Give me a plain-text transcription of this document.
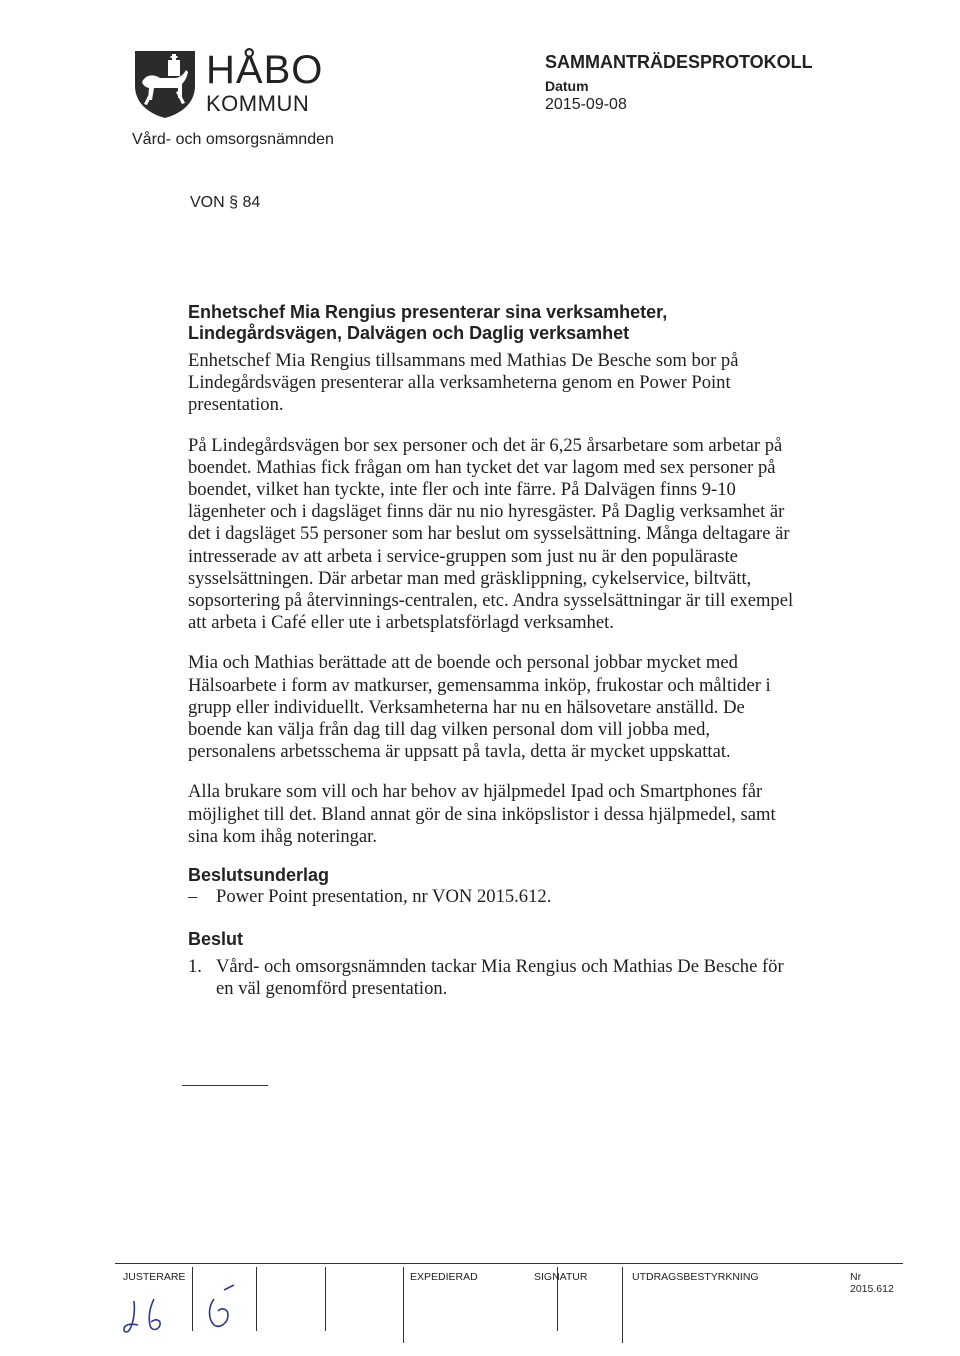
HÅBO
KOMMUN
Vård- och omsorgsnämnden
SAMMANTRÄDESPROTOKOLL
Datum
2015-09-08
VON § 84

Enhetschef Mia Rengius presenterar sina verksamheter,

Lindegårdsvägen, Dalvägen och Daglig verksamhet

Enhetschef Mia Rengius tillsammans med Mathias De Besche som bor på Lindegårdsvägen presenterar alla verksamheterna genom en Power Point presentation.

På Lindegårdsvägen bor sex personer och det är 6,25 årsarbetare som arbetar på boendet. Mathias fick frågan om han tycket det var lagom med sex personer på boendet, vilket han tyckte, inte fler och inte färre. På Dalvägen finns 9-10 lägenheter och i dagsläget finns där nu nio hyresgäster. På Daglig verksamhet är det i dagsläget 55 personer som har beslut om sysselsättning. Många deltagare är intresserade av att arbeta i service-gruppen som just nu är den populäraste sysselsättningen. Där arbetar man med gräsklippning, cykelservice, biltvätt, sopsortering på återvinnings-centralen, etc. Andra sysselsättningar är till exempel att arbeta i Café eller ute i arbetsplatsförlagd verksamhet.

Mia och Mathias berättade att de boende och personal jobbar mycket med Hälsoarbete i form av matkurser, gemensamma inköp, frukostar och måltider i grupp eller individuellt. Verksamheterna har nu en hälsovetare anställd. De boende kan välja från dag till dag vilken personal dom vill jobba med, personalens arbetsschema är uppsatt på tavla, detta är mycket uppskattat.

Alla brukare som vill och har behov av hjälpmedel Ipad och Smartphones får möjlighet till det. Bland annat gör de sina inköpslistor i dessa hjälpmedel, samt sina kom ihåg noteringar.

Beslutsunderlag

–	Power Point presentation, nr VON 2015.612.

Beslut

1. Vård- och omsorgsnämnden tackar Mia Rengius och Mathias De Besche för en väl genomförd presentation.
JUSTERARE	EXPEDIERAD	SIGNATUR	UTDRAGSBESTYRKNING	Nr 2015.612
